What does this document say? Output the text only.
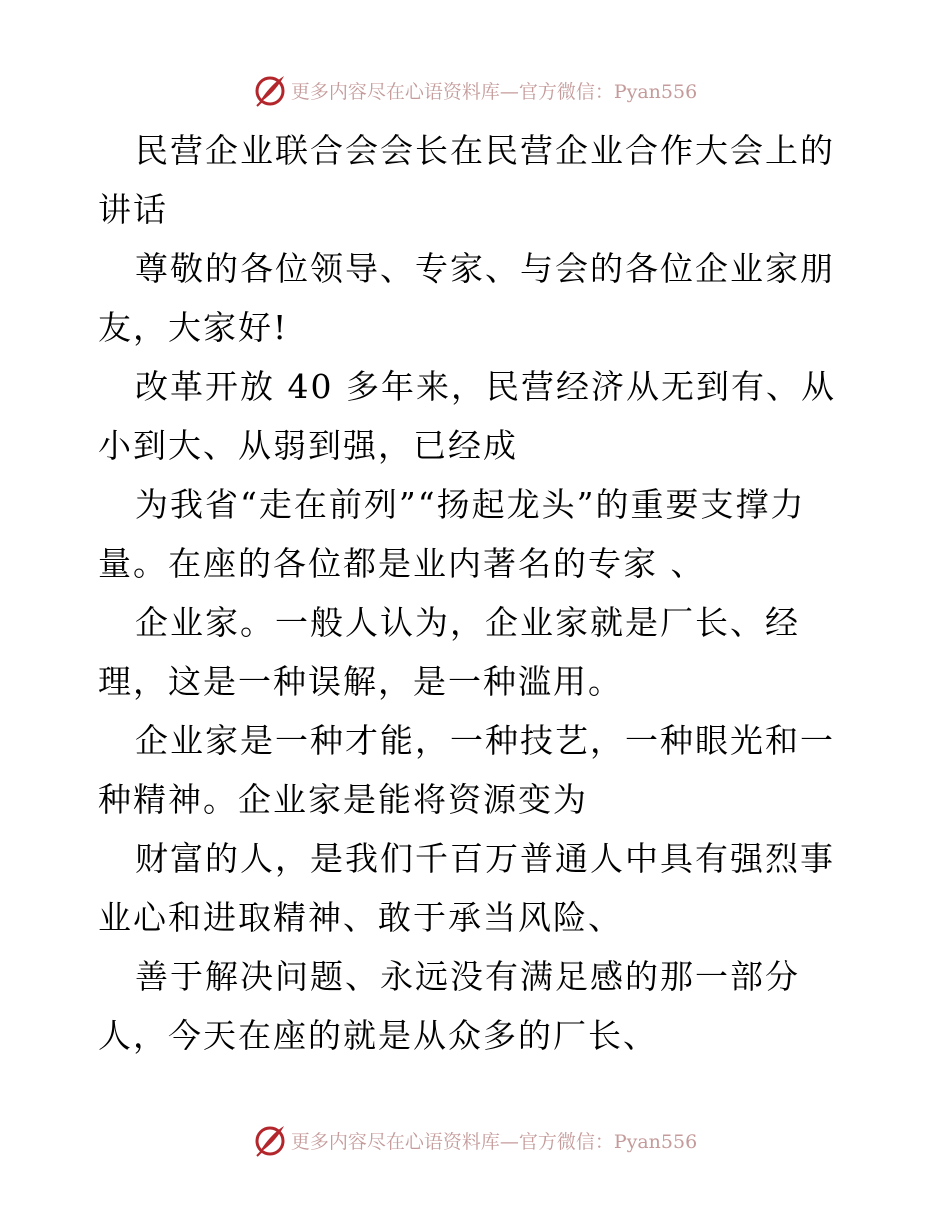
更多内容尽在心语资料库—官方微信：Pyan556

民营企业联合会会长在民营企业合作大会上的讲话

尊敬的各位领导、专家、与会的各位企业家朋友，大家好!

改革开放 40 多年来，民营经济从无到有、从小到大、从弱到强，已经成

为我省“走在前列”“扬起龙头”的重要支撑力量。在座的各位都是业内著名的专家 、

企业家。一般人认为，企业家就是厂长、经理，这是一种误解，是一种滥用。

企业家是一种才能，一种技艺，一种眼光和一种精神。企业家是能将资源变为

财富的人，是我们千百万普通人中具有强烈事业心和进取精神、敢于承当风险、

善于解决问题、永远没有满足感的那一部分人，今天在座的就是从众多的厂长、

更多内容尽在心语资料库—官方微信：Pyan556
